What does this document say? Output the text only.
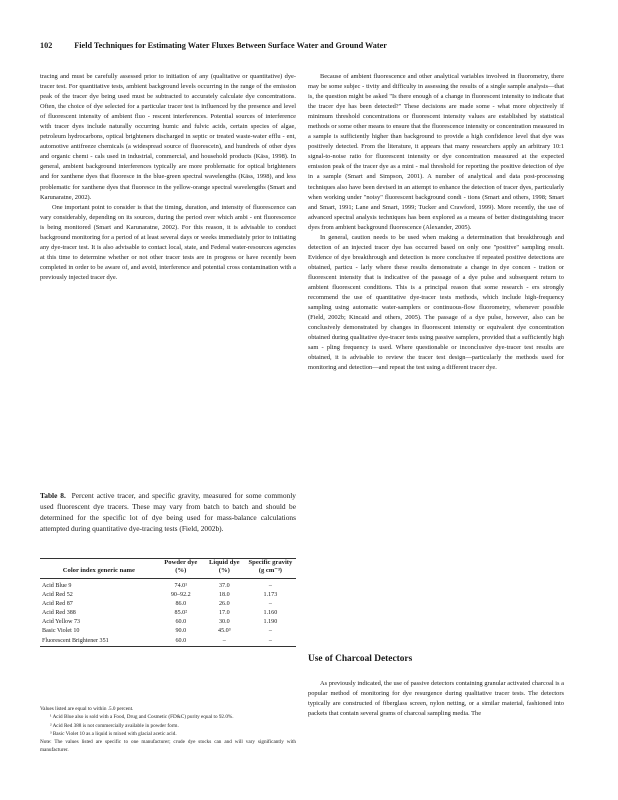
102	Field Techniques for Estimating Water Fluxes Between Surface Water and Ground Water

tracing and must be carefully assessed prior to initiation of any (qualitative or quantitative) dye-tracer test. For quantitative tests, ambient background levels occurring in the range of the emission peak of the tracer dye being used must be subtracted to accurately calculate dye concentrations. Often, the choice of dye selected for a particular tracer test is influenced by the presence and level of fluorescent intensity of ambient fluo - rescent interferences. Potential sources of interference with tracer dyes include naturally occurring humic and fulvic acids, certain species of algae, petroleum hydrocarbons, optical brighteners discharged in septic or treated waste-water efflu - ent, automotive antifreeze chemicals (a widespread source of fluorescein), and hundreds of other dyes and organic chemi - cals used in industrial, commercial, and household products (Käss, 1998). In general, ambient background interferences typically are more problematic for optical brighteners and for xanthene dyes that fluoresce in the blue-green spectral wavelengths (Käss, 1998), and less problematic for xanthene dyes that fluoresce in the yellow-orange spectral wavelengths (Smart and Karunaratne, 2002).

One important point to consider is that the timing, duration, and intensity of fluorescence can vary considerably, depending on its sources, during the period over which ambi - ent fluorescence is being monitored (Smart and Karunaratne, 2002). For this reason, it is advisable to conduct background monitoring for a period of at least several days or weeks immediately prior to initiating any dye-tracer test. It is also advisable to contact local, state, and Federal water-resources agencies at this time to determine whether or not other tracer tests are in progress or have recently been completed in order to be aware of, and avoid, interference and potential cross contamination with a previously injected tracer dye.

Table 8. Percent active tracer, and specific gravity, measured for some commonly used fluorescent dye tracers. These may vary from batch to batch and should be determined for the specific lot of dye being used for mass-balance calculations attempted during quantitative dye-tracing tests (Field, 2002b).
Color index generic name	Powder dye (%)	Liquid dye (%)	Specific gravity (g cm⁻³)
Acid Blue 9	74.0¹	37.0	–
Acid Red 52	90–92.2	18.0	1.173
Acid Red 87	86.0	26.0	–
Acid Red 388	85.0²	17.0	1.160
Acid Yellow 73	60.0	30.0	1.190
Basic Violet 10	90.0	45.0³	–
Fluorescent Brightener 351	60.0	–	–

Values listed are equal to within .5.0 percent.

¹ Acid Blue also is sold with a Food, Drug and Cosmetic (FD&C) purity equal to 92.0%.

² Acid Red 388 is not commercially available in powder form.

³ Basic Violet 10 as a liquid is mixed with glacial acetic acid.

Note: The values listed are specific to one manufacturer; crude dye stocks can and will vary significantly with manufacturer.

Because of ambient fluorescence and other analytical variables involved in fluorometry, there may be some subjec - tivity and difficulty in assessing the results of a single sample analysis—that is, the question might be asked "Is there enough of a change in fluorescent intensity to indicate that the tracer dye has been detected?" These decisions are made some - what more objectively if minimum threshold concentrations or fluorescent intensity values are established by statistical methods or some other means to ensure that the fluorescence intensity or concentration measured in a sample is sufficiently higher than background to provide a high confidence level that dye was positively detected. From the literature, it appears that many researchers apply an arbitrary 10:1 signal-to-noise ratio for fluorescent intensity or dye concentration measured at the expected emission peak of the tracer dye as a mini - mal threshold for reporting the positive detection of dye in a sample (Smart and Simpson, 2001). A number of analytical and data post-processing techniques also have been devised in an attempt to enhance the detection of tracer dyes, particularly when working under "noisy" fluorescent background condi - tions (Smart and others, 1998; Smart and Smart, 1991; Lane and Smart, 1999; Tucker and Crawford, 1999). More recently, the use of advanced spectral analysis techniques has been explored as a means of better distinguishing tracer dyes from ambient background fluorescence (Alexander, 2005).

In general, caution needs to be used when making a determination that breakthrough and detection of an injected tracer dye has occurred based on only one "positive" sampling result. Evidence of dye breakthrough and detection is more conclusive if repeated positive detections are obtained, particu - larly where these results demonstrate a change in dye concen - tration or fluorescent intensity that is indicative of the passage of a dye pulse and subsequent return to ambient fluorescent conditions. This is a principal reason that some research - ers strongly recommend the use of quantitative dye-tracer tests methods, which include high-frequency sampling using automatic water-samplers or continuous-flow fluorometry, whenever possible (Field, 2002b; Kincaid and others, 2005). The passage of a dye pulse, however, also can be conclusively demonstrated by changes in fluorescent intensity or equivalent dye concentration obtained during qualitative dye-tracer tests using passive samplers, provided that a sufficiently high sam - pling frequency is used. Where questionable or inconclusive dye-tracer test results are obtained, it is advisable to review the tracer test design—particularly the methods used for monitoring and detection—and repeat the test using a different tracer dye.

Use of Charcoal Detectors

As previously indicated, the use of passive detectors containing granular activated charcoal is a popular method of monitoring for dye resurgence during qualitative tracer tests. The detectors typically are constructed of fiberglass screen, nylon netting, or a similar material, fashioned into packets that contain several grams of charcoal sampling media. The
